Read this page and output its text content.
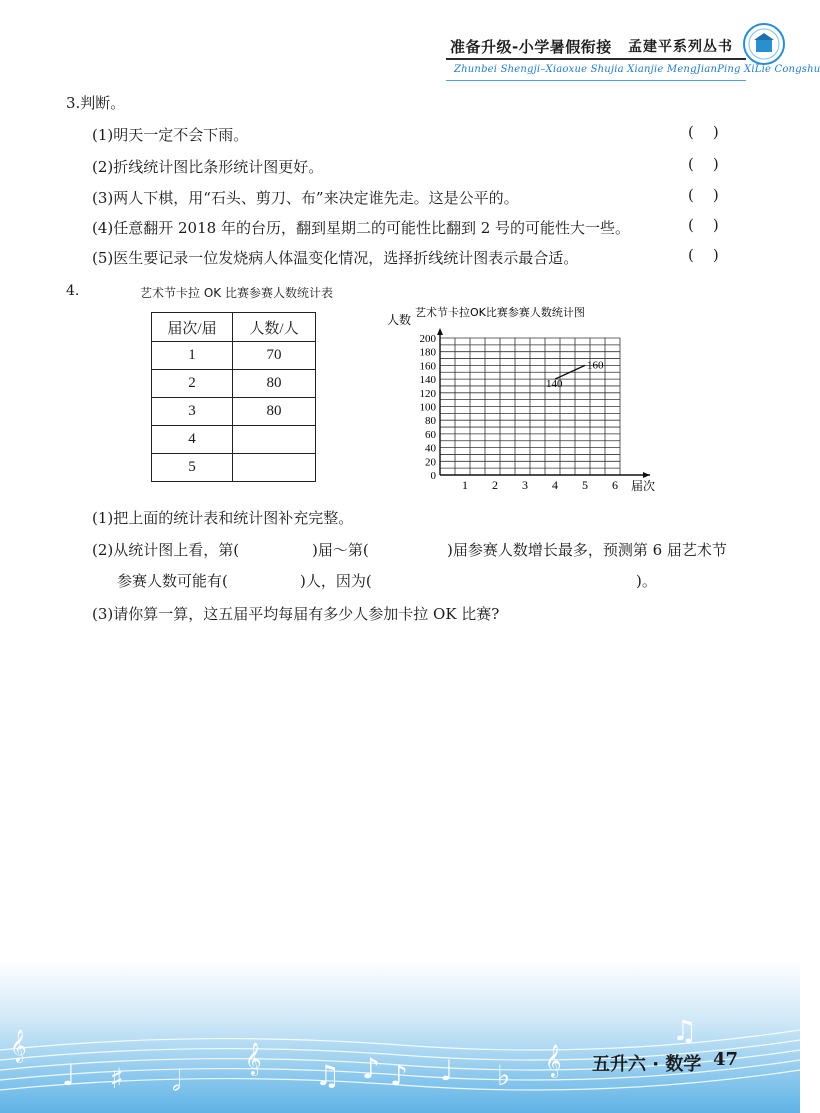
准备升级-小学暑假衔接 孟建平系列丛书
Zhunbei Shengji–Xiaoxue Shujia Xianjie MengJianPing XiLie Congshu
3.判断。
(1)明天一定不会下雨。	(    )
(2)折线统计图比条形统计图更好。	(    )
(3)两人下棋，用“石头、剪刀、布”来决定谁先走。这是公平的。	(    )
(4)任意翻开 2018 年的台历，翻到星期二的可能性比翻到 2 号的可能性大一些。	(    )
(5)医生要记录一位发烧病人体温变化情况，选择折线统计图表示最合适。	(    )
4.	艺术节卡拉 OK 比赛参赛人数统计表
届次/届	人数/人
1	70
2	80
3	80
4	
5	
艺术节卡拉OK比赛参赛人数统计图
人数
届次
0
20
40
60
80
100
120
140
160
180
200
1 2 3 4 5 6
140
160
(1)把上面的统计表和统计图补充完整。
(2)从统计图上看，第(	)届～第(	)届参赛人数增长最多，预测第 6 届艺术节
参赛人数可能有(	)人，因为(	)。
(3)请你算一算，这五届平均每届有多少人参加卡拉 OK 比赛?
𝄞
♩ ♯ 𝅗𝅥
𝄞
♫ ♪ ♪ ♩ ♭ 𝄞
♫
五升六 · 数学 47
